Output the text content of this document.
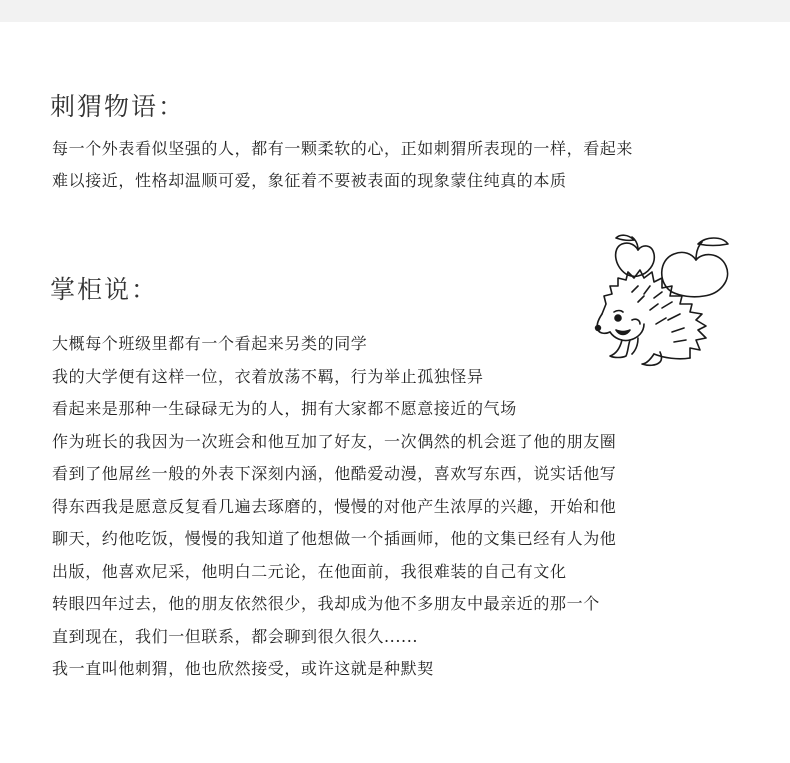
刺猬物语：
每一个外表看似坚强的人，都有一颗柔软的心，正如刺猬所表现的一样，看起来
难以接近，性格却温顺可爱，象征着不要被表面的现象蒙住纯真的本质
掌柜说：
大概每个班级里都有一个看起来另类的同学
我的大学便有这样一位，衣着放荡不羁，行为举止孤独怪异
看起来是那种一生碌碌无为的人，拥有大家都不愿意接近的气场
作为班长的我因为一次班会和他互加了好友，一次偶然的机会逛了他的朋友圈
看到了他屌丝一般的外表下深刻内涵，他酷爱动漫，喜欢写东西，说实话他写
得东西我是愿意反复看几遍去琢磨的，慢慢的对他产生浓厚的兴趣，开始和他
聊天，约他吃饭，慢慢的我知道了他想做一个插画师，他的文集已经有人为他
出版，他喜欢尼采，他明白二元论，在他面前，我很难装的自己有文化
转眼四年过去，他的朋友依然很少，我却成为他不多朋友中最亲近的那一个
直到现在，我们一但联系，都会聊到很久很久......
我一直叫他刺猬，他也欣然接受，或许这就是种默契
